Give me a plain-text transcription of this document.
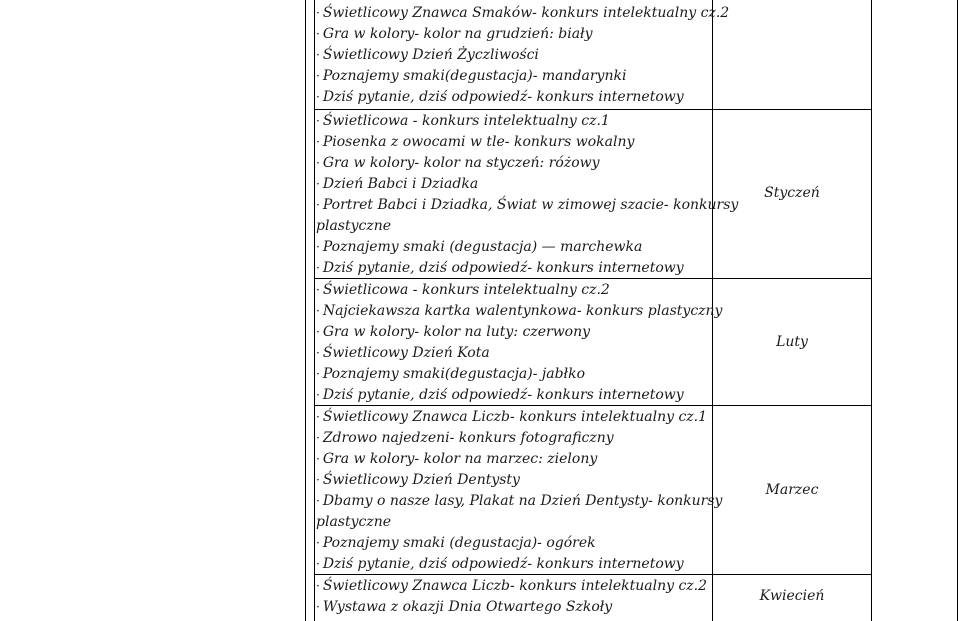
· Świetlicowy Znawca Smaków- konkurs intelektualny cz.2
· Gra w kolory- kolor na grudzień: biały
· Świetlicowy Dzień Życzliwości
· Poznajemy smaki(degustacja)- mandarynki
· Dziś pytanie, dziś odpowiedź- konkurs internetowy
· Świetlicowa - konkurs intelektualny cz.1
· Piosenka z owocami w tle- konkurs wokalny
· Gra w kolory- kolor na styczeń: różowy
· Dzień Babci i Dziadka
· Portret Babci i Dziadka, Świat w zimowej szacie- konkursy
plastyczne
· Poznajemy smaki (degustacja) — marchewka
· Dziś pytanie, dziś odpowiedź- konkurs internetowy
Styczeń
· Świetlicowa - konkurs intelektualny cz.2
· Najciekawsza kartka walentynkowa- konkurs plastyczny
· Gra w kolory- kolor na luty: czerwony
· Świetlicowy Dzień Kota
· Poznajemy smaki(degustacja)- jabłko
· Dziś pytanie, dziś odpowiedź- konkurs internetowy
Luty
· Świetlicowy Znawca Liczb- konkurs intelektualny cz.1
· Zdrowo najedzeni- konkurs fotograficzny
· Gra w kolory- kolor na marzec: zielony
· Świetlicowy Dzień Dentysty
· Dbamy o nasze lasy, Plakat na Dzień Dentysty- konkursy
plastyczne
· Poznajemy smaki (degustacja)- ogórek
· Dziś pytanie, dziś odpowiedź- konkurs internetowy
Marzec
· Świetlicowy Znawca Liczb- konkurs intelektualny cz.2
· Wystawa z okazji Dnia Otwartego Szkoły
Kwiecień
